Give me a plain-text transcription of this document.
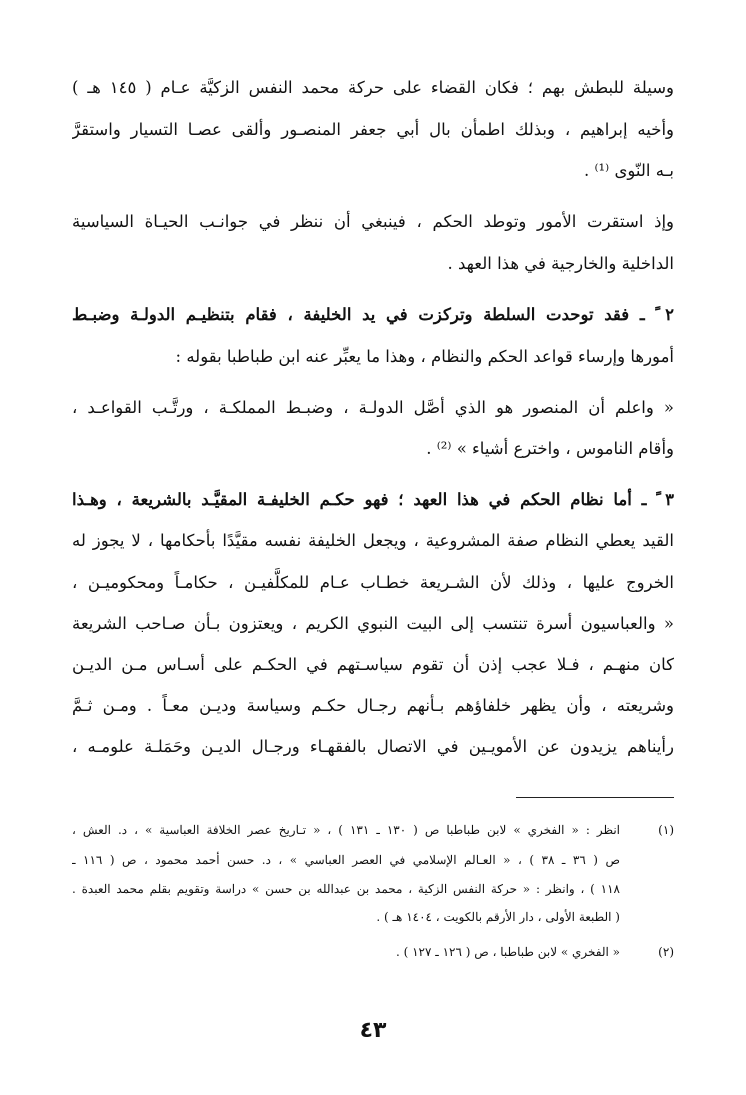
وسيلة للبطش بهم ؛ فكان القضاء على حركة محمد النفس الزكيَّة عـام ( ١٤٥ هـ )
وأخيه إبراهيم ، وبذلك اطمأن بال أبي جعفر المنصـور وألقى عصـا التسيار واستقرَّ
بـه النّوى ⁽¹⁾ .
وإذ استقرت الأمور وتوطد الحكم ، فينبغي أن ننظر في جوانـب الحيـاة السياسية
الداخلية والخارجية في هذا العهد .
٢ ً ـ فقد توحدت السلطة وتركزت في يد الخليفة ، فقام بتنظيـم الدولـة وضبـط
أمورها وإرساء قواعد الحكم والنظام ، وهذا ما يعبِّر عنه ابن طباطبا بقوله :
« واعلم أن المنصور هو الذي أصَّل الدولـة ، وضبـط المملكـة ، ورتَّـب القواعـد ،
وأقام الناموس ، واخترع أشياء » ⁽²⁾ .
٣ ً ـ أما نظام الحكم في هذا العهد ؛ فهو حكـم الخليفـة المقيَّـد بالشريعة ، وهـذا
القيد يعطي النظام صفة المشروعية ، ويجعل الخليفة نفسه مقيَّدًا بأحكامها ، لا يجوز له
الخروج عليها ، وذلك لأن الشـريعة خطـاب عـام للمكلَّفيـن ، حكامـاً ومحكوميـن ،
« والعباسيون أسرة تنتسب إلى البيت النبوي الكريم ، ويعتزون بـأن صـاحب الشريعة
كان منهـم ، فـلا عجب إذن أن تقوم سياسـتهم في الحكـم على أسـاس مـن الديـن
وشريعته ، وأن يظهر خلفاؤهم بـأنهم رجـال حكـم وسياسة وديـن معـاً . ومـن ثـمَّ
رأيناهم يزيدون عن الأمويـين في الاتصال بالفقهـاء ورجـال الديـن وحَمَلـة علومـه ،
(١)
انظر : « الفخري » لابن طباطبا ص ( ١٣٠ ـ ١٣١ ) ، « تـاريخ عصر الخلافة العباسية » ، د. العش ،
ص ( ٣٦ ـ ٣٨ ) ، « العـالم الإسلامي في العصر العباسي » ، د. حسن أحمد محمود ، ص ( ١١٦ ـ
١١٨ ) ، وانظر : « حركة النفس الزكية ، محمد بن عبدالله بن حسن » دراسة وتقويم بقلم محمد العبدة .
( الطبعة الأولى ، دار الأرقم بالكويت ، ١٤٠٤ هـ ) .
(٢)
« الفخري » لابن طباطبا ، ص ( ١٢٦ ـ ١٢٧ ) .
٤٣
